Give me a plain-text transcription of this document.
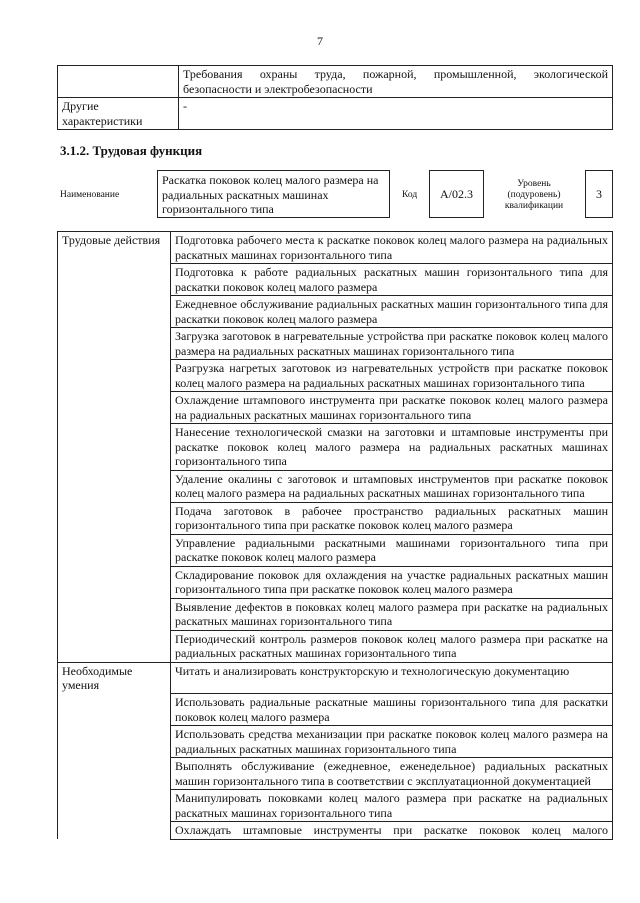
7
	Требования охраны труда, пожарной, промышленной, экологической безопасности и электробезопасности
Другие характеристики	-
3.1.2. Трудовая функция
Наименование
Раскатка поковок колец малого размера на радиальных раскатных машинах горизонтального типа
Код	A/02.3
Уровень (подуровень) квалификации
3
Трудовые действия	Подготовка рабочего места к раскатке поковок колец малого размера на радиальных раскатных машинах горизонтального типа
	Подготовка к работе радиальных раскатных машин горизонтального типа для раскатки поковок колец малого размера
	Ежедневное обслуживание радиальных раскатных машин горизонтального типа для раскатки поковок колец малого размера
	Загрузка заготовок в нагревательные устройства при раскатке поковок колец малого размера на радиальных раскатных машинах горизонтального типа
	Разгрузка нагретых заготовок из нагревательных устройств при раскатке поковок колец малого размера на радиальных раскатных машинах горизонтального типа
	Охлаждение штампового инструмента при раскатке поковок колец малого размера на радиальных раскатных машинах горизонтального типа
	Нанесение технологической смазки на заготовки и штамповые инструменты при раскатке поковок колец малого размера на радиальных раскатных машинах горизонтального типа
	Удаление окалины с заготовок и штамповых инструментов при раскатке поковок колец малого размера на радиальных раскатных машинах горизонтального типа
	Подача заготовок в рабочее пространство радиальных раскатных машин горизонтального типа при раскатке поковок колец малого размера
	Управление радиальными раскатными машинами горизонтального типа при раскатке поковок колец малого размера
	Складирование поковок для охлаждения на участке радиальных раскатных машин горизонтального типа при раскатке поковок колец малого размера
	Выявление дефектов в поковках колец малого размера при раскатке на радиальных раскатных машинах горизонтального типа
	Периодический контроль размеров поковок колец малого размера при раскатке на радиальных раскатных машинах горизонтального типа
Необходимые умения	Читать и анализировать конструкторскую и технологическую документацию
	Использовать радиальные раскатные машины горизонтального типа для раскатки поковок колец малого размера
	Использовать средства механизации при раскатке поковок колец малого размера на радиальных раскатных машинах горизонтального типа
	Выполнять обслуживание (ежедневное, еженедельное) радиальных раскатных машин горизонтального типа в соответствии с эксплуатационной документацией
	Манипулировать поковками колец малого размера при раскатке на радиальных раскатных машинах горизонтального типа
	Охлаждать штамповые инструменты при раскатке поковок колец малого
